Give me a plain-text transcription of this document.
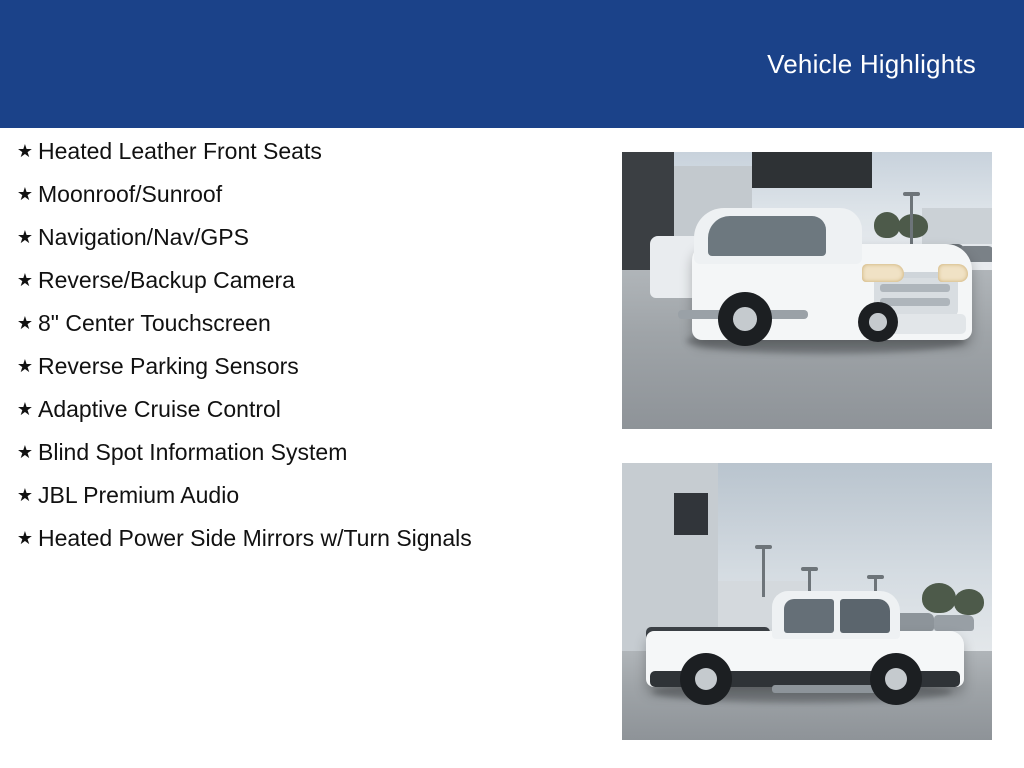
Vehicle Highlights
★ Heated Leather Front Seats
★ Moonroof/Sunroof
★ Navigation/Nav/GPS
★ Reverse/Backup Camera
★ 8" Center Touchscreen
★ Reverse Parking Sensors
★ Adaptive Cruise Control
★ Blind Spot Information System
★ JBL Premium Audio
★ Heated Power Side Mirrors w/Turn Signals
